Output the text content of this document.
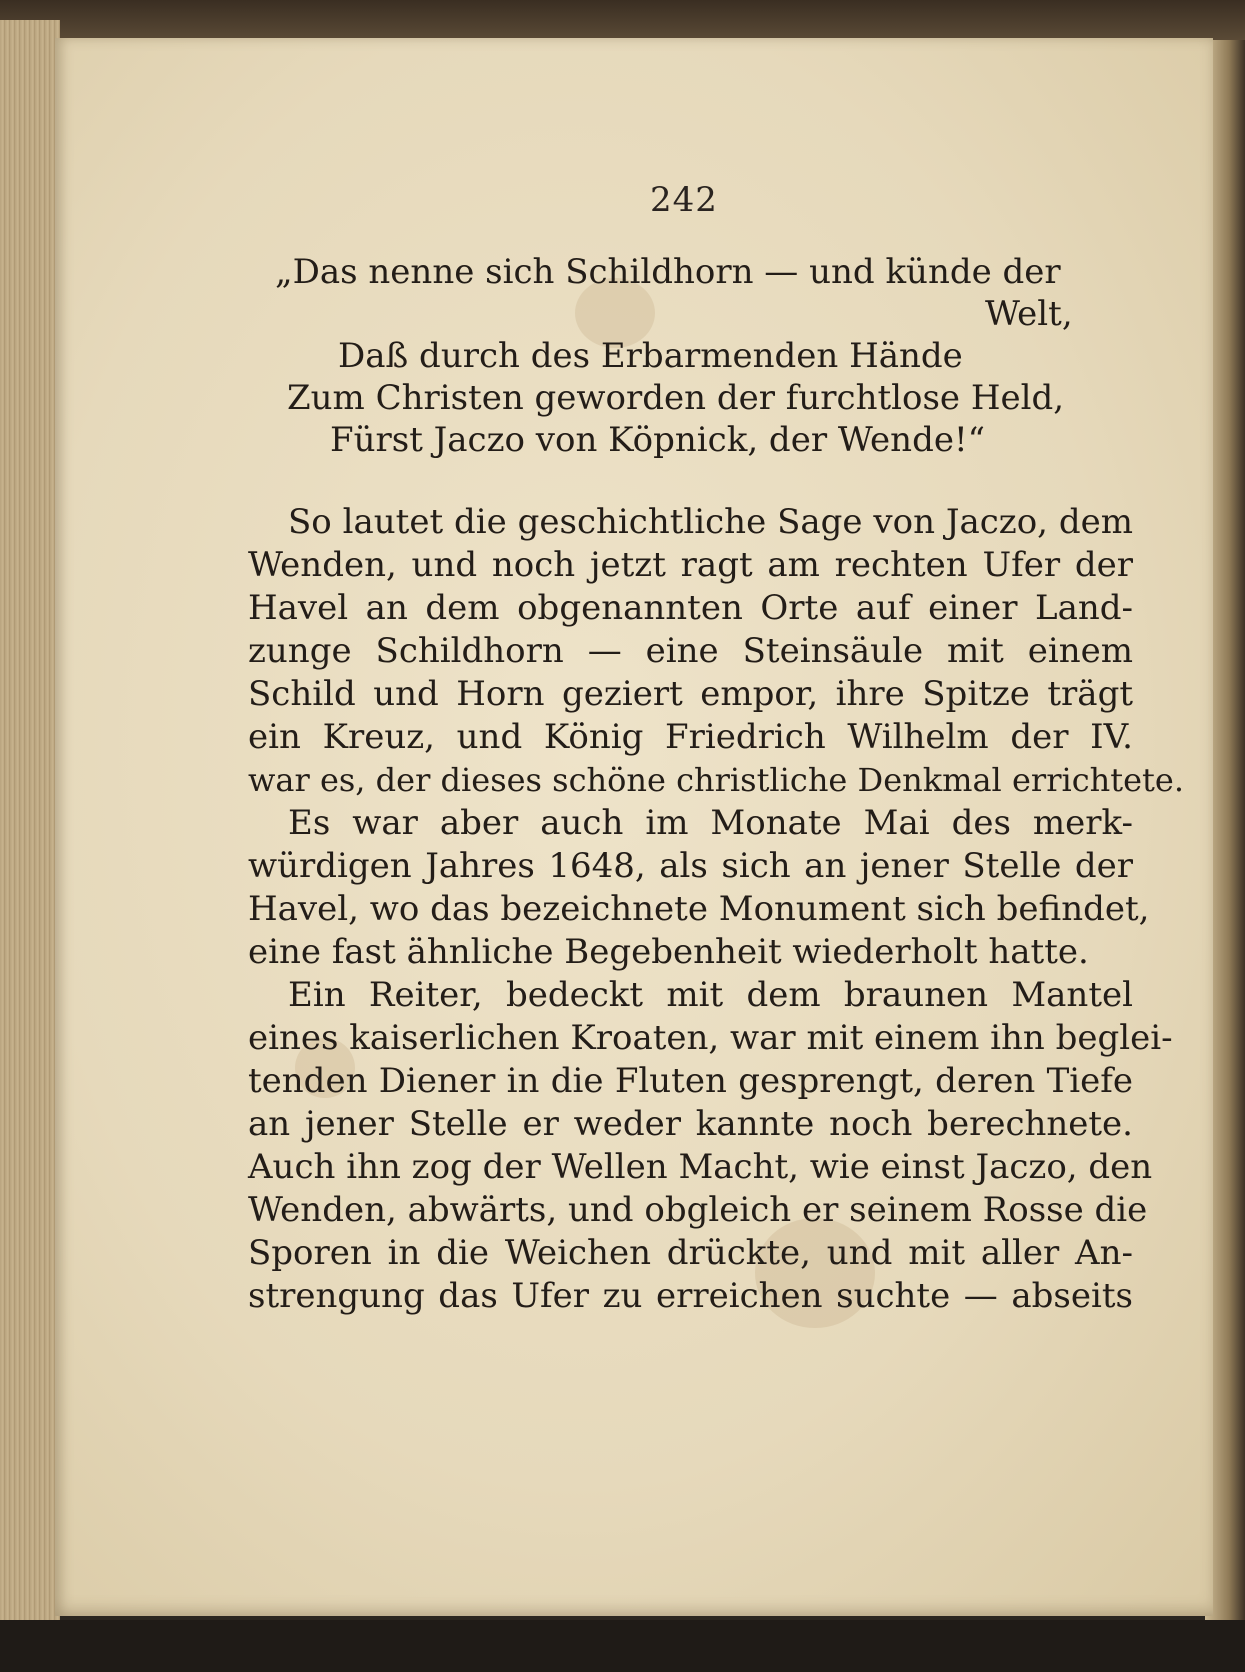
242
„Das nenne sich Schildhorn — und künde der
Welt,
Daß durch des Erbarmenden Hände
Zum Christen geworden der furchtlose Held,
Fürst Jaczo von Köpnick, der Wende!“
So lautet die geschichtliche Sage von Jaczo, dem
Wenden, und noch jetzt ragt am rechten Ufer der
Havel an dem obgenannten Orte auf einer Land-
zunge Schildhorn — eine Steinsäule mit einem
Schild und Horn geziert empor, ihre Spitze trägt
ein Kreuz, und König Friedrich Wilhelm der IV.
war es, der dieses schöne christliche Denkmal errichtete.
Es war aber auch im Monate Mai des merk-
würdigen Jahres 1648, als sich an jener Stelle der
Havel, wo das bezeichnete Monument sich befindet,
eine fast ähnliche Begebenheit wiederholt hatte.
Ein Reiter, bedeckt mit dem braunen Mantel
eines kaiserlichen Kroaten, war mit einem ihn beglei-
tenden Diener in die Fluten gesprengt, deren Tiefe
an jener Stelle er weder kannte noch berechnete.
Auch ihn zog der Wellen Macht, wie einst Jaczo, den
Wenden, abwärts, und obgleich er seinem Rosse die
Sporen in die Weichen drückte, und mit aller An-
strengung das Ufer zu erreichen suchte — abseits
